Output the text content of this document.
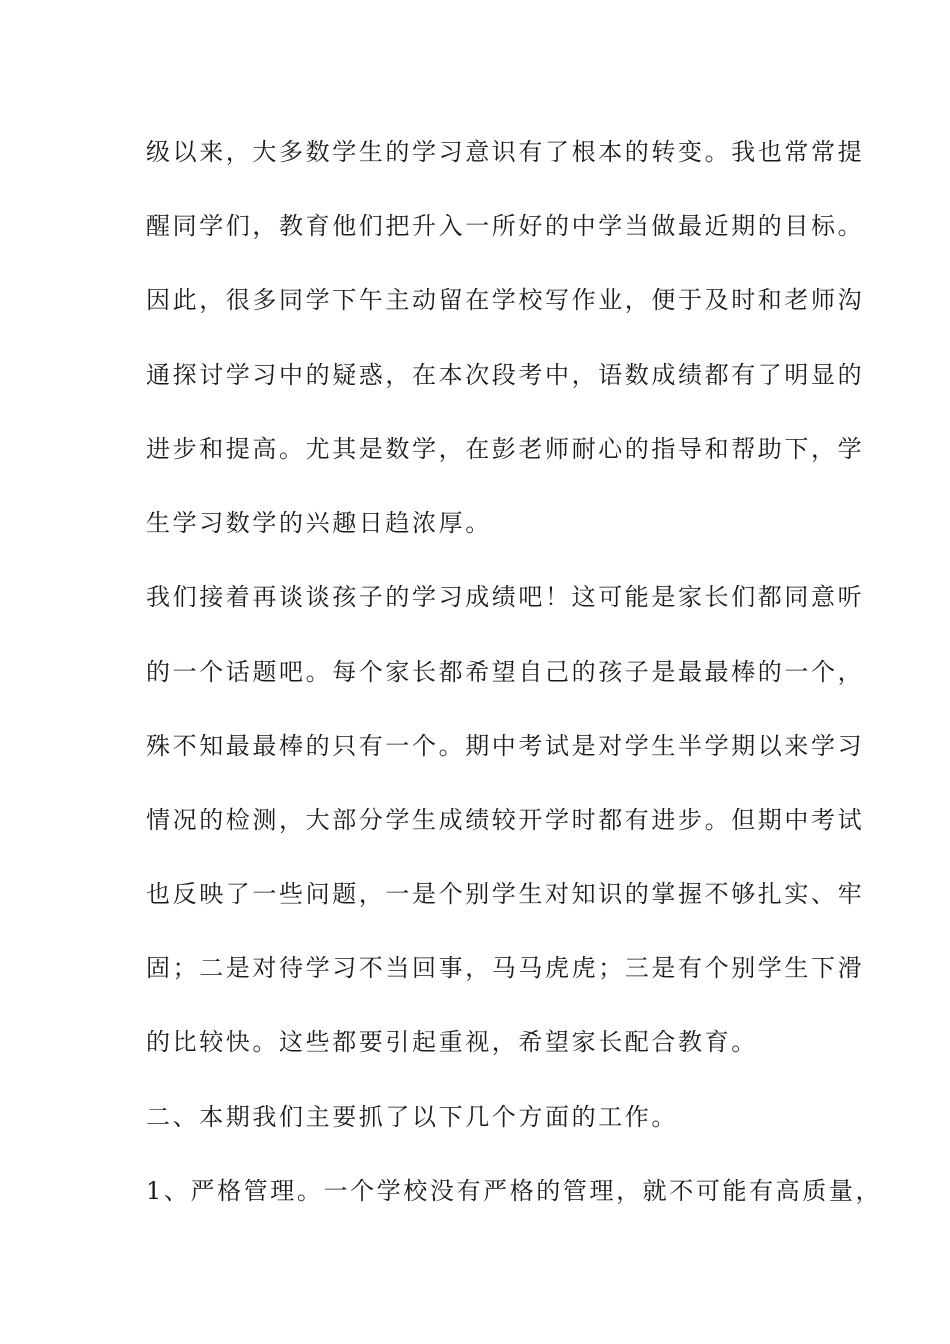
级以来，大多数学生的学习意识有了根本的转变。我也常常提
醒同学们，教育他们把升入一所好的中学当做最近期的目标。
因此，很多同学下午主动留在学校写作业，便于及时和老师沟
通探讨学习中的疑惑，在本次段考中，语数成绩都有了明显的
进步和提高。尤其是数学，在彭老师耐心的指导和帮助下，学
生学习数学的兴趣日趋浓厚。
我们接着再谈谈孩子的学习成绩吧！这可能是家长们都同意听
的一个话题吧。每个家长都希望自己的孩子是最最棒的一个，
殊不知最最棒的只有一个。期中考试是对学生半学期以来学习
情况的检测，大部分学生成绩较开学时都有进步。但期中考试
也反映了一些问题，一是个别学生对知识的掌握不够扎实、牢
固；二是对待学习不当回事，马马虎虎；三是有个别学生下滑
的比较快。这些都要引起重视，希望家长配合教育。
二、本期我们主要抓了以下几个方面的工作。
1、严格管理。一个学校没有严格的管理，就不可能有高质量，
